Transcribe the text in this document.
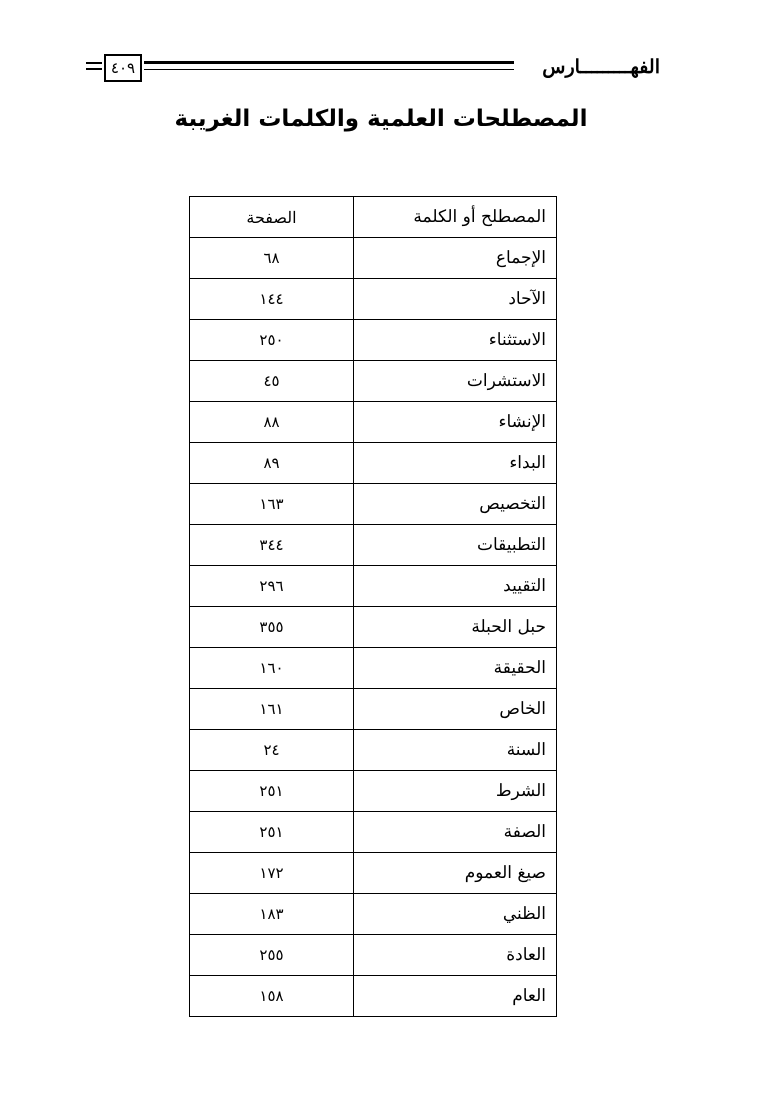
الفهـــــــــارس
٤٠٩
المصطلحات العلمية والكلمات الغريبة
المصطلح أو الكلمة	الصفحة
الإجماع	٦٨
الآحاد	١٤٤
الاستثناء	٢٥٠
الاستشرات	٤٥
الإنشاء	٨٨
البداء	٨٩
التخصيص	١٦٣
التطبيقات	٣٤٤
التقييد	٢٩٦
حبل الحبلة	٣٥٥
الحقيقة	١٦٠
الخاص	١٦١
السنة	٢٤
الشرط	٢٥١
الصفة	٢٥١
صيغ العموم	١٧٢
الظني	١٨٣
العادة	٢٥٥
العام	١٥٨
